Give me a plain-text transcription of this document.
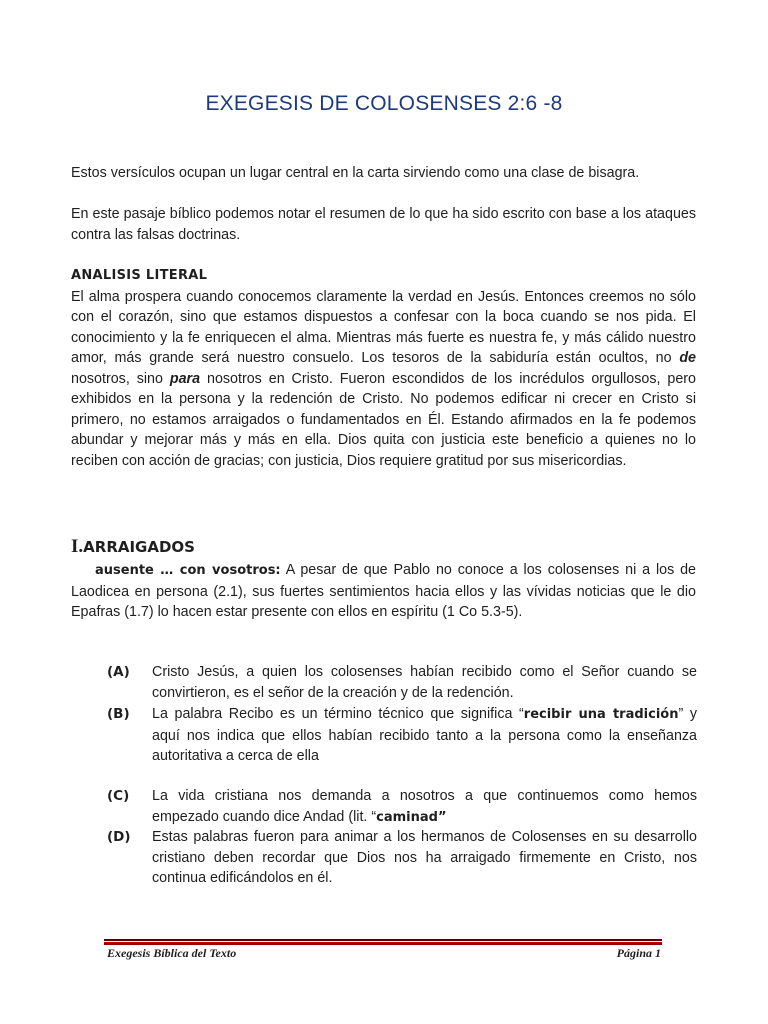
EXEGESIS DE COLOSENSES 2:6 -8

Estos versículos ocupan un lugar central en la carta sirviendo como una clase de bisagra.

En este pasaje bíblico podemos notar el resumen de lo que ha sido escrito con base a los ataques contra las falsas doctrinas.

ANALISIS LITERAL
El alma prospera cuando conocemos claramente la verdad en Jesús. Entonces creemos no sólo con el corazón, sino que estamos dispuestos a confesar con la boca cuando se nos pida. El conocimiento y la fe enriquecen el alma. Mientras más fuerte es nuestra fe, y más cálido nuestro amor, más grande será nuestro consuelo. Los tesoros de la sabiduría están ocultos, no de nosotros, sino para nosotros en Cristo. Fueron escondidos de los incrédulos orgullosos, pero exhibidos en la persona y la redención de Cristo. No podemos edificar ni crecer en Cristo si primero, no estamos arraigados o fundamentados en Él. Estando afirmados en la fe podemos abundar y mejorar más y más en ella. Dios quita con justicia este beneficio a quienes no lo reciben con acción de gracias; con justicia, Dios requiere gratitud por sus misericordias.
I.ARRAIGADOS

ausente … con vosotros: A pesar de que Pablo no conoce a los colosenses ni a los de Laodicea en persona (2.1), sus fuertes sentimientos hacia ellos y las vívidas noticias que le dio Epafras (1.7) lo hacen estar presente con ellos en espíritu (1 Co 5.3-5).

(A) Cristo Jesús, a quien los colosenses habían recibido como el Señor cuando se convirtieron, es el señor de la creación y de la redención.
(B) La palabra Recibo es un término técnico que significa “recibir una tradición” y aquí nos indica que ellos habían recibido tanto a la persona como la enseñanza autoritativa a cerca de ella
(C) La vida cristiana nos demanda a nosotros a que continuemos como hemos empezado cuando dice Andad (lit. “caminad”
(D) Estas palabras fueron para animar a los hermanos de Colosenses en su desarrollo cristiano deben recordar que Dios nos ha arraigado firmemente en Cristo, nos continua edificándolos en él.
Exegesis Bíblica del Texto	Página 1
